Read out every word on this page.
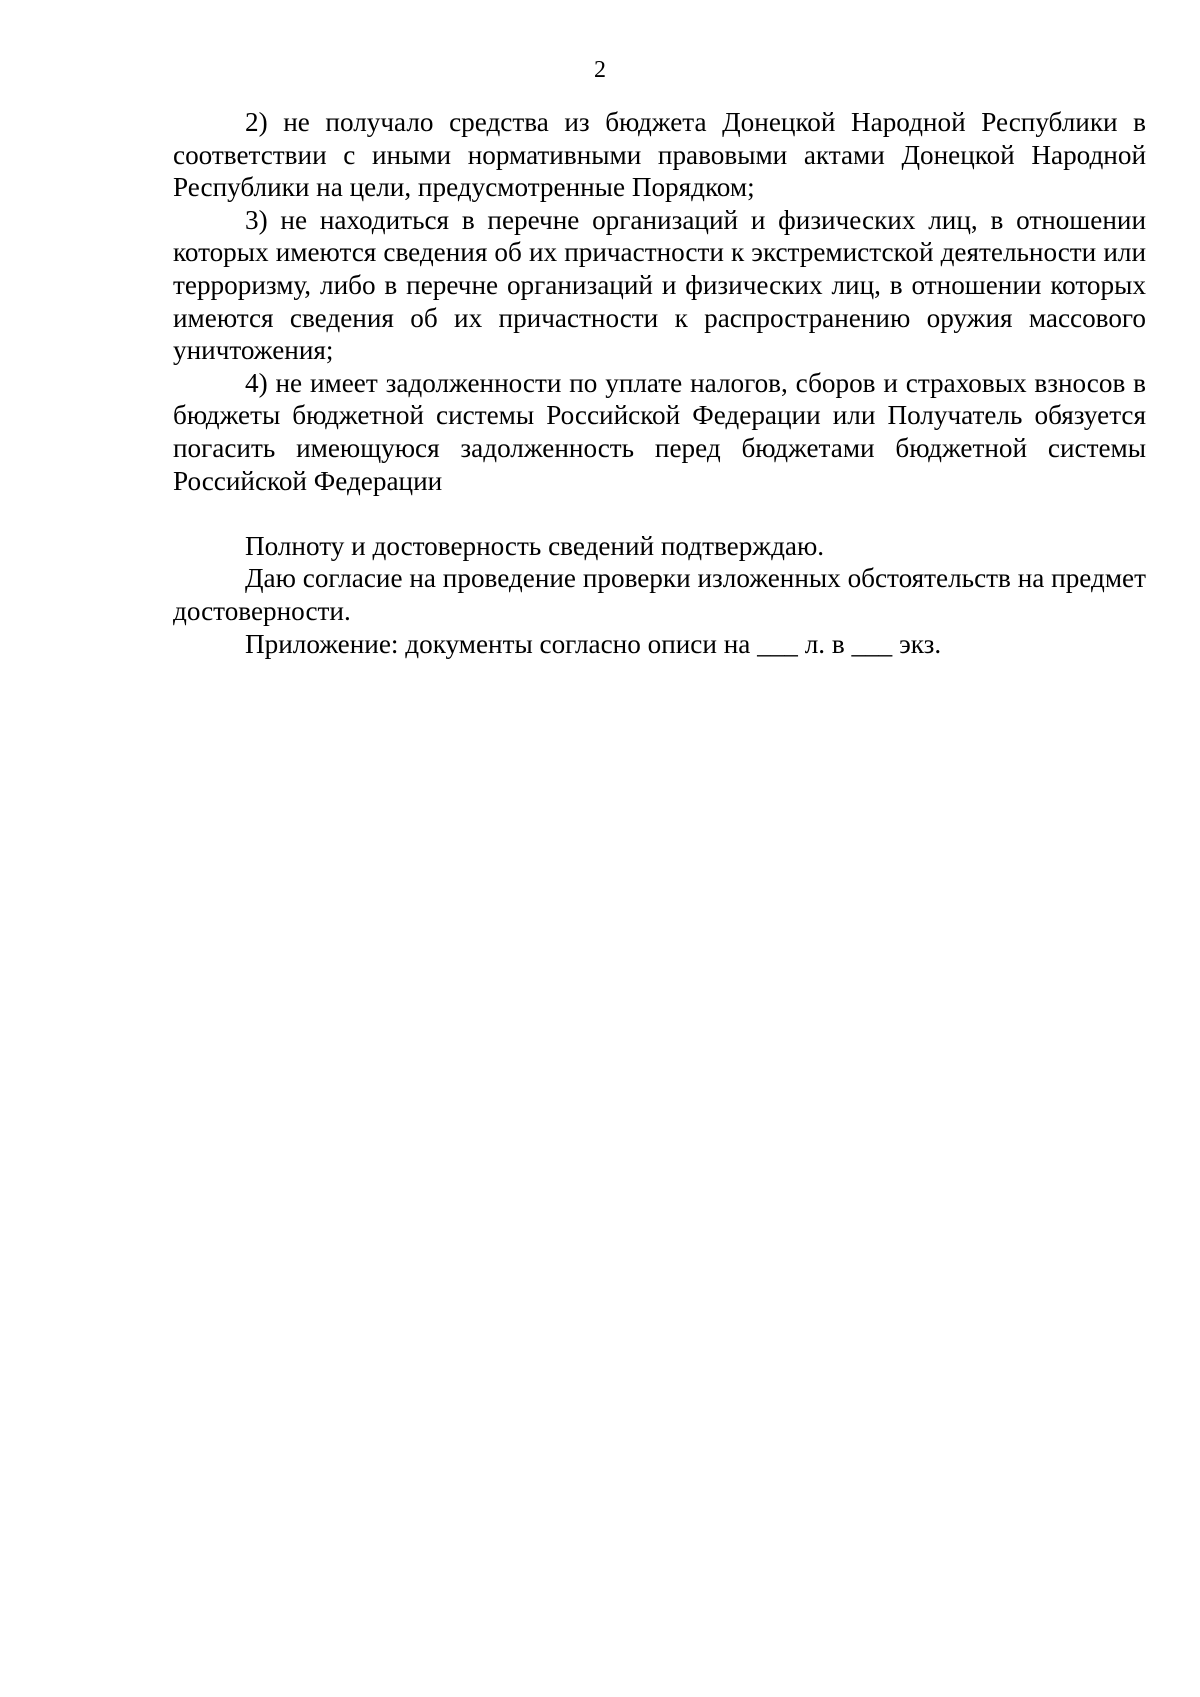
2

2) не получало средства из бюджета Донецкой Народной Республики в соответствии с иными нормативными правовыми актами Донецкой Народной Республики на цели, предусмотренные Порядком;

3) не находиться в перечне организаций и физических лиц, в отношении которых имеются сведения об их причастности к экстремистской деятельности или терроризму, либо в перечне организаций и физических лиц, в отношении которых имеются сведения об их причастности к распространению оружия массового уничтожения;

4) не имеет задолженности по уплате налогов, сборов и страховых взносов в бюджеты бюджетной системы Российской Федерации или Получатель обязуется погасить имеющуюся задолженность перед бюджетами бюджетной системы Российской Федерации

Полноту и достоверность сведений подтверждаю.

Даю согласие на проведение проверки изложенных обстоятельств на предмет достоверности.

Приложение: документы согласно описи на ___ л. в ___ экз.
